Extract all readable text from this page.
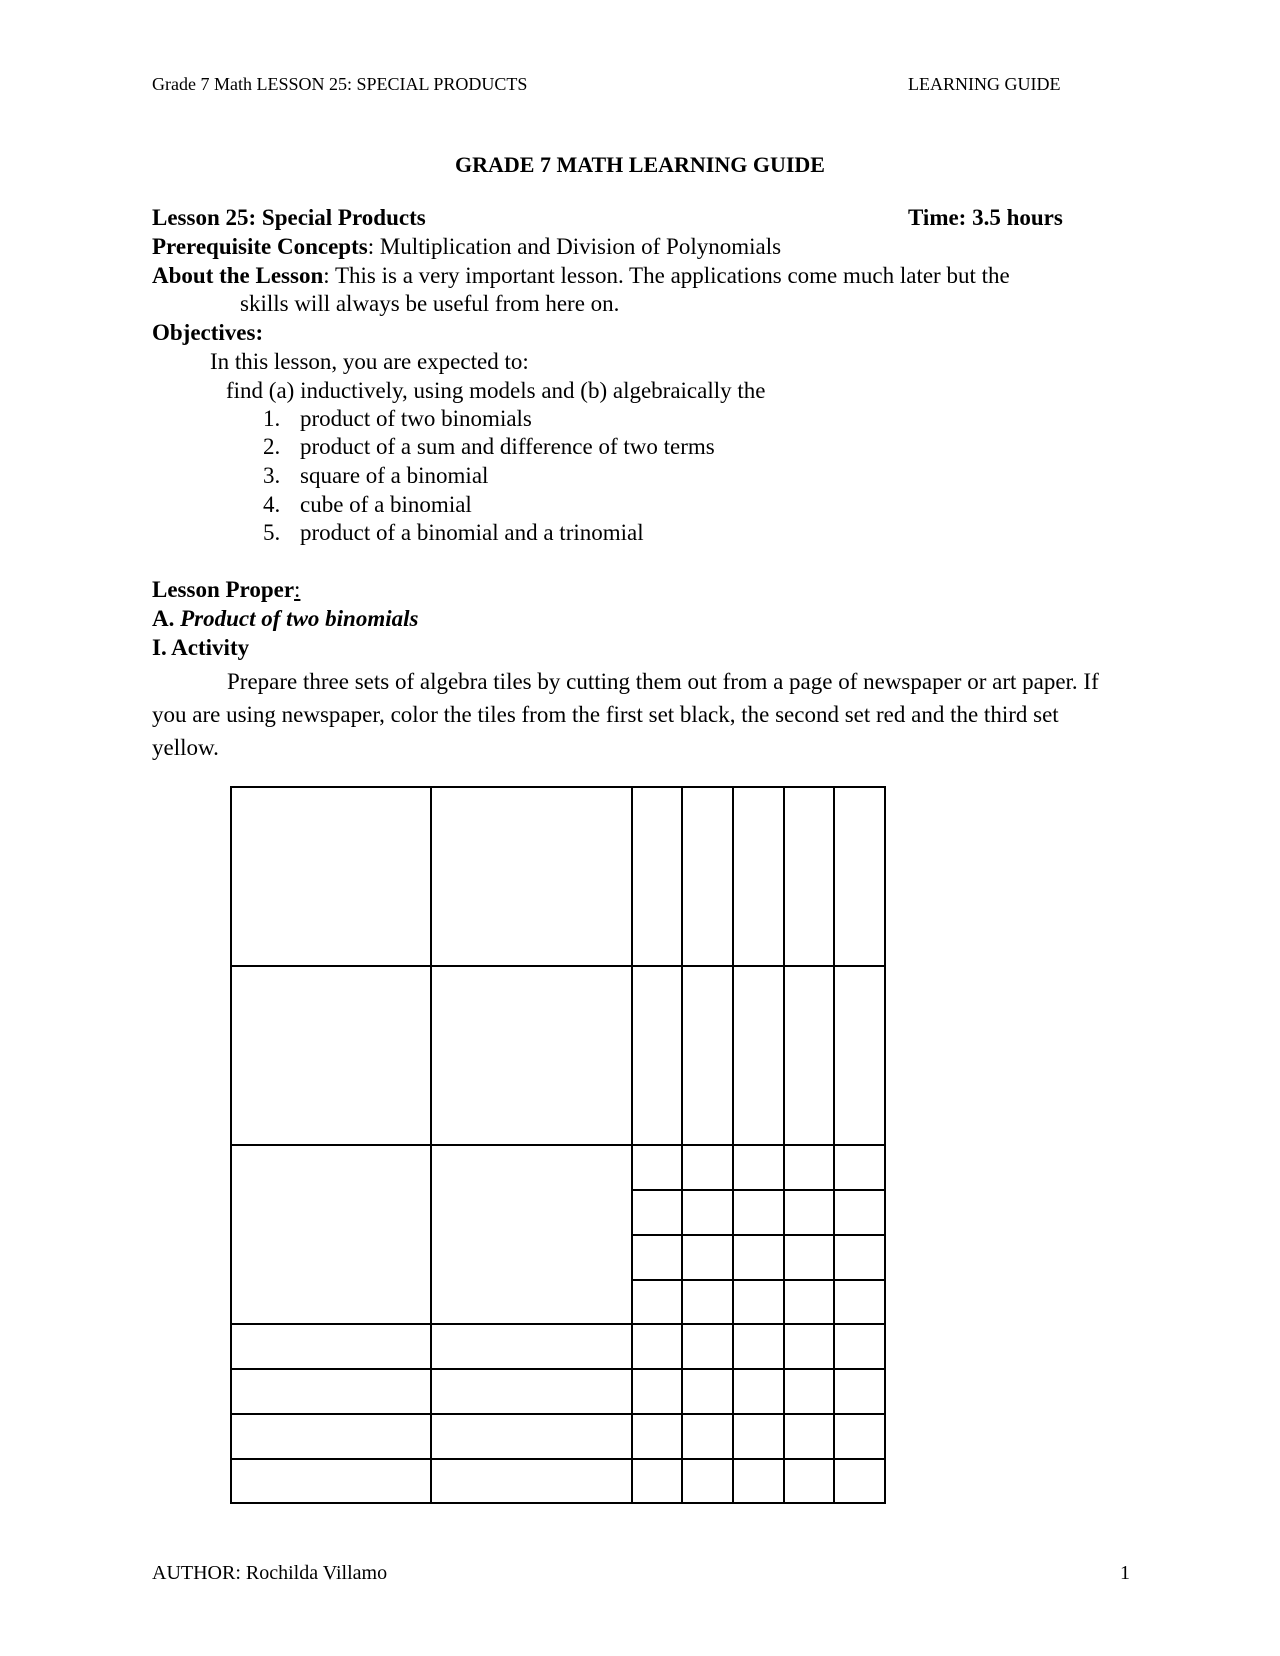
Grade 7 Math LESSON 25: SPECIAL PRODUCTS	LEARNING GUIDE
GRADE 7 MATH LEARNING GUIDE
Lesson 25: Special Products	Time: 3.5 hours
Prerequisite Concepts: Multiplication and Division of Polynomials
About the Lesson: This is a very important lesson. The applications come much later but the
skills will always be useful from here on.
Objectives:
In this lesson, you are expected to:
find (a) inductively, using models and (b) algebraically the
1. product of two binomials
2. product of a sum and difference of two terms
3. square of a binomial
4. cube of a binomial
5. product of a binomial and a trinomial
Lesson Proper:
A. Product of two binomials
I. Activity
Prepare three sets of algebra tiles by cutting them out from a page of newspaper or art paper. If you are using newspaper, color the tiles from the first set black, the second set red and the third set yellow.
AUTHOR: Rochilda Villamo	1
